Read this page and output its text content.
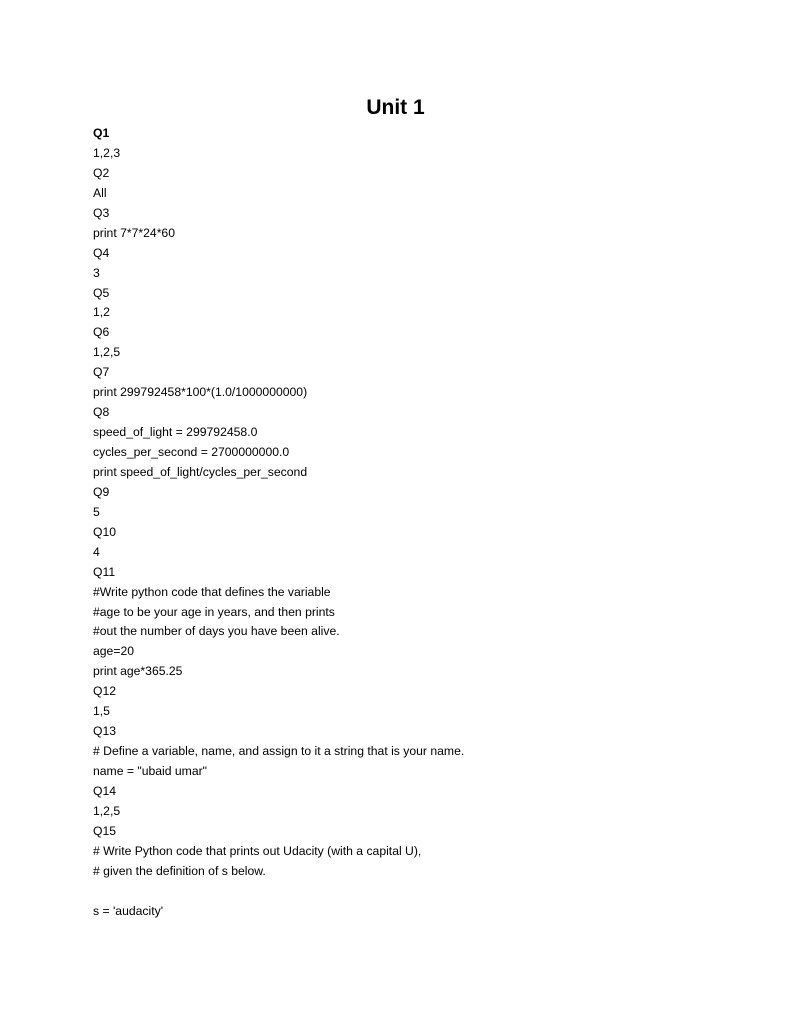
Unit 1
Q1
1,2,3
Q2
All
Q3
print 7*7*24*60
Q4
3
Q5
1,2
Q6
1,2,5
Q7
print 299792458*100*(1.0/1000000000)
Q8
speed_of_light = 299792458.0
cycles_per_second = 2700000000.0
print speed_of_light/cycles_per_second
Q9
5
Q10
4
Q11
#Write python code that defines the variable
#age to be your age in years, and then prints
#out the number of days you have been alive.
age=20
print age*365.25
Q12
1,5
Q13
# Define a variable, name, and assign to it a string that is your name.
name = "ubaid umar"
Q14
1,2,5
Q15
# Write Python code that prints out Udacity (with a capital U),
# given the definition of s below.
s = 'audacity'
